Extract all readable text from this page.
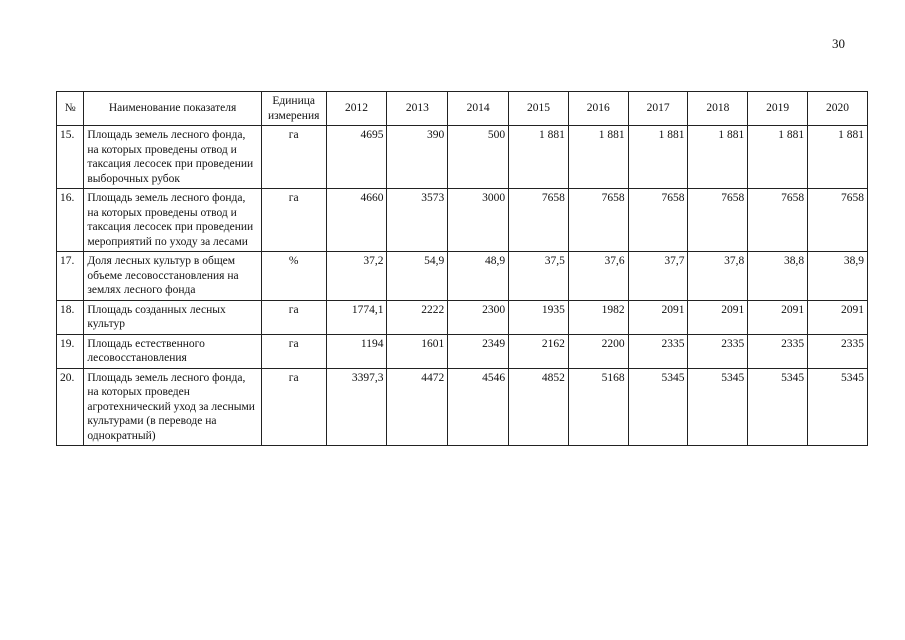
30
№	Наименование показателя	Единица измерения	2012	2013	2014	2015	2016	2017	2018	2019	2020
15.	Площадь земель лесного фонда, на которых проведены отвод и таксация лесосек при проведении выборочных рубок	га	4695	390	500	1 881	1 881	1 881	1 881	1 881	1 881
16.	Площадь земель лесного фонда, на которых проведены отвод и таксация лесосек при проведении мероприятий по уходу за лесами	га	4660	3573	3000	7658	7658	7658	7658	7658	7658
17.	Доля лесных культур в общем объеме лесовосстановления на землях лесного фонда	%	37,2	54,9	48,9	37,5	37,6	37,7	37,8	38,8	38,9
18.	Площадь созданных лесных культур	га	1774,1	2222	2300	1935	1982	2091	2091	2091	2091
19.	Площадь естественного лесовосстановления	га	1194	1601	2349	2162	2200	2335	2335	2335	2335
20.	Площадь земель лесного фонда, на которых проведен агротехнический уход за лесными культурами (в переводе на однократный)	га	3397,3	4472	4546	4852	5168	5345	5345	5345	5345
